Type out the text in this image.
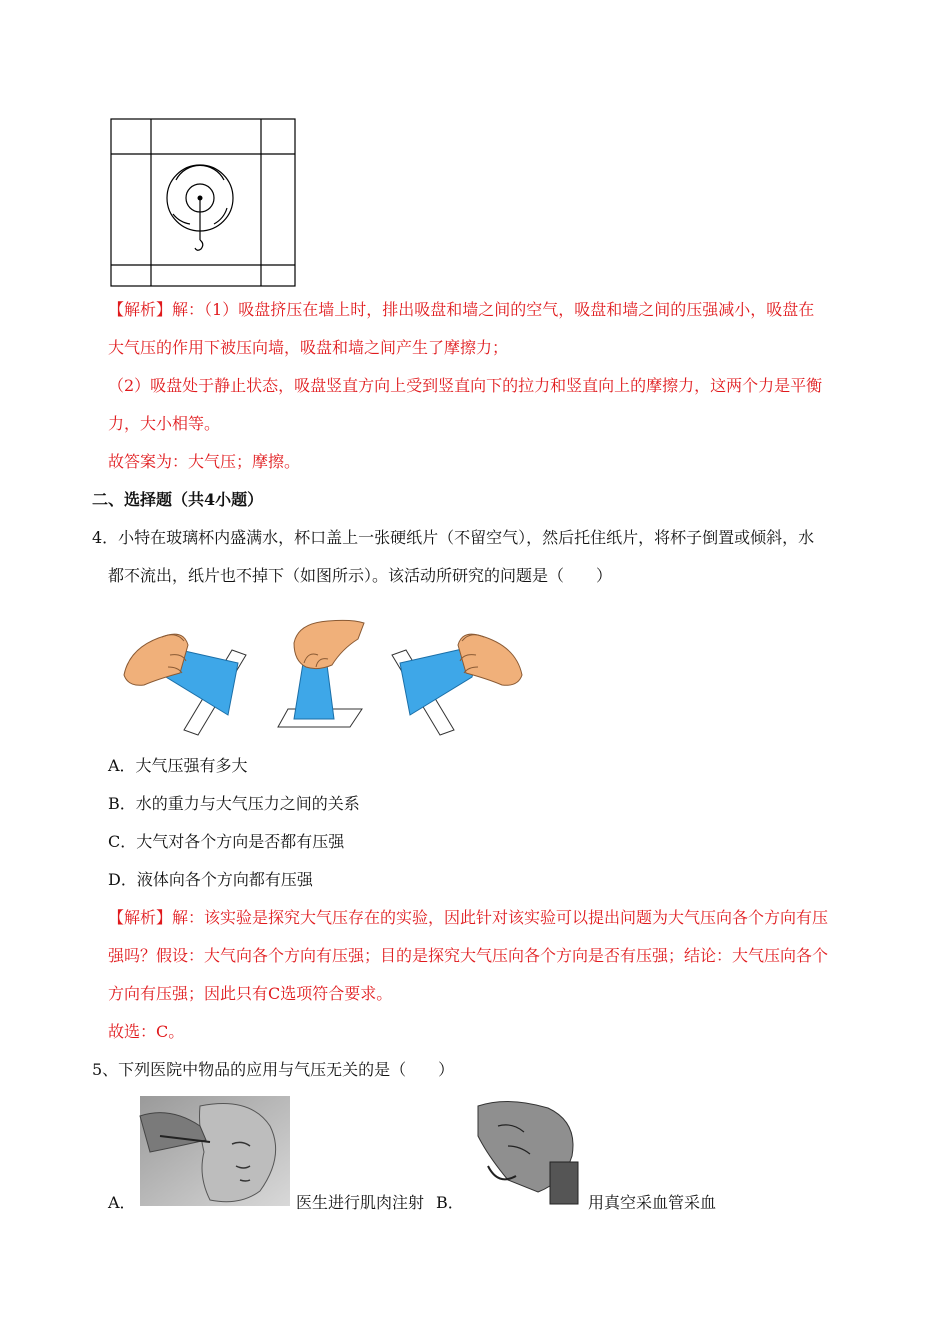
【解析】解：（1）吸盘挤压在墙上时，排出吸盘和墙之间的空气，吸盘和墙之间的压强减小，吸盘在
大气压的作用下被压向墙，吸盘和墙之间产生了摩擦力；
（2）吸盘处于静止状态，吸盘竖直方向上受到竖直向下的拉力和竖直向上的摩擦力，这两个力是平衡
力，大小相等。
故答案为：大气压；摩擦。
二、选择题（共4小题）
4．小特在玻璃杯内盛满水，杯口盖上一张硬纸片（不留空气），然后托住纸片，将杯子倒置或倾斜，水
都不流出，纸片也不掉下（如图所示）。该活动所研究的问题是（　　）
A．大气压强有多大
B．水的重力与大气压力之间的关系
C．大气对各个方向是否都有压强
D．液体向各个方向都有压强
【解析】解：该实验是探究大气压存在的实验，因此针对该实验可以提出问题为大气压向各个方向有压
强吗？假设：大气向各个方向有压强；目的是探究大气压向各个方向是否有压强；结论：大气压向各个
方向有压强；因此只有C选项符合要求。
故选：C。
5、下列医院中物品的应用与气压无关的是（　　）
A．	医生进行肌肉注射 B．	用真空采血管采血
